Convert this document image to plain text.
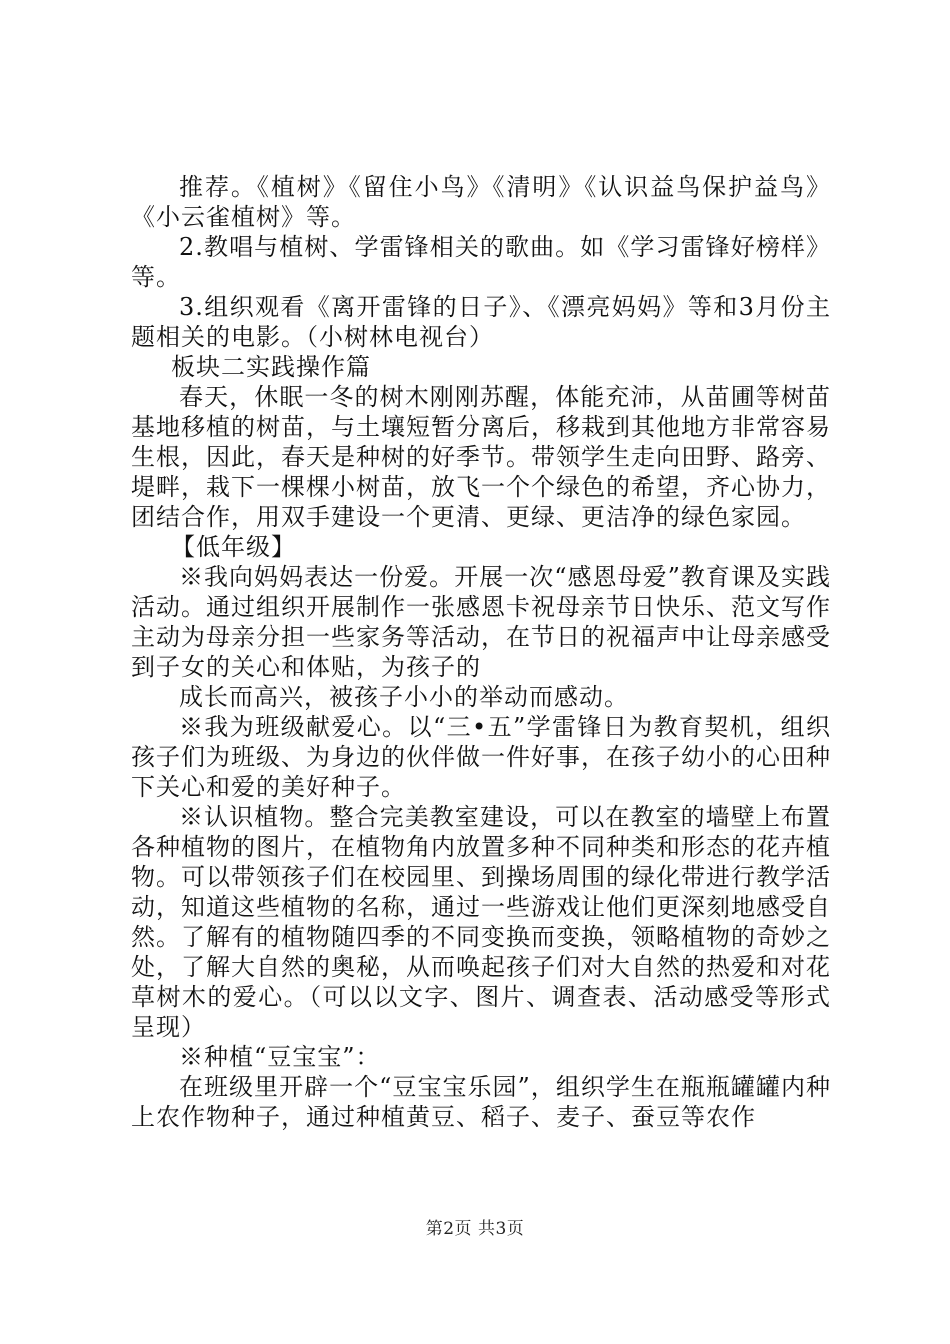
推荐。《植树》《留住小鸟》《清明》《认识益鸟保护益鸟》《小云雀植树》等。

2.教唱与植树、学雷锋相关的歌曲。如《学习雷锋好榜样》等。

3.组织观看《离开雷锋的日子》、《漂亮妈妈》等和3月份主题相关的电影。（小树林电视台）

板块二实践操作篇

春天，休眠一冬的树木刚刚苏醒，体能充沛，从苗圃等树苗基地移植的树苗，与土壤短暂分离后，移栽到其他地方非常容易生根，因此，春天是种树的好季节。带领学生走向田野、路旁、堤畔，栽下一棵棵小树苗，放飞一个个绿色的希望，齐心协力，团结合作，用双手建设一个更清、更绿、更洁净的绿色家园。

【低年级】

※我向妈妈表达一份爱。开展一次“感恩母爱”教育课及实践活动。通过组织开展制作一张感恩卡祝母亲节日快乐、范文写作主动为母亲分担一些家务等活动，在节日的祝福声中让母亲感受到子女的关心和体贴，为孩子的

成长而高兴，被孩子小小的举动而感动。

※我为班级献爱心。以“三•五”学雷锋日为教育契机，组织孩子们为班级、为身边的伙伴做一件好事，在孩子幼小的心田种下关心和爱的美好种子。

※认识植物。整合完美教室建设，可以在教室的墙壁上布置各种植物的图片，在植物角内放置多种不同种类和形态的花卉植物。可以带领孩子们在校园里、到操场周围的绿化带进行教学活动，知道这些植物的名称，通过一些游戏让他们更深刻地感受自然。了解有的植物随四季的不同变换而变换，领略植物的奇妙之处，了解大自然的奥秘，从而唤起孩子们对大自然的热爱和对花草树木的爱心。（可以以文字、图片、调查表、活动感受等形式呈现）

※种植“豆宝宝”：

在班级里开辟一个“豆宝宝乐园”，组织学生在瓶瓶罐罐内种上农作物种子，通过种植黄豆、稻子、麦子、蚕豆等农作

第2页 共3页
